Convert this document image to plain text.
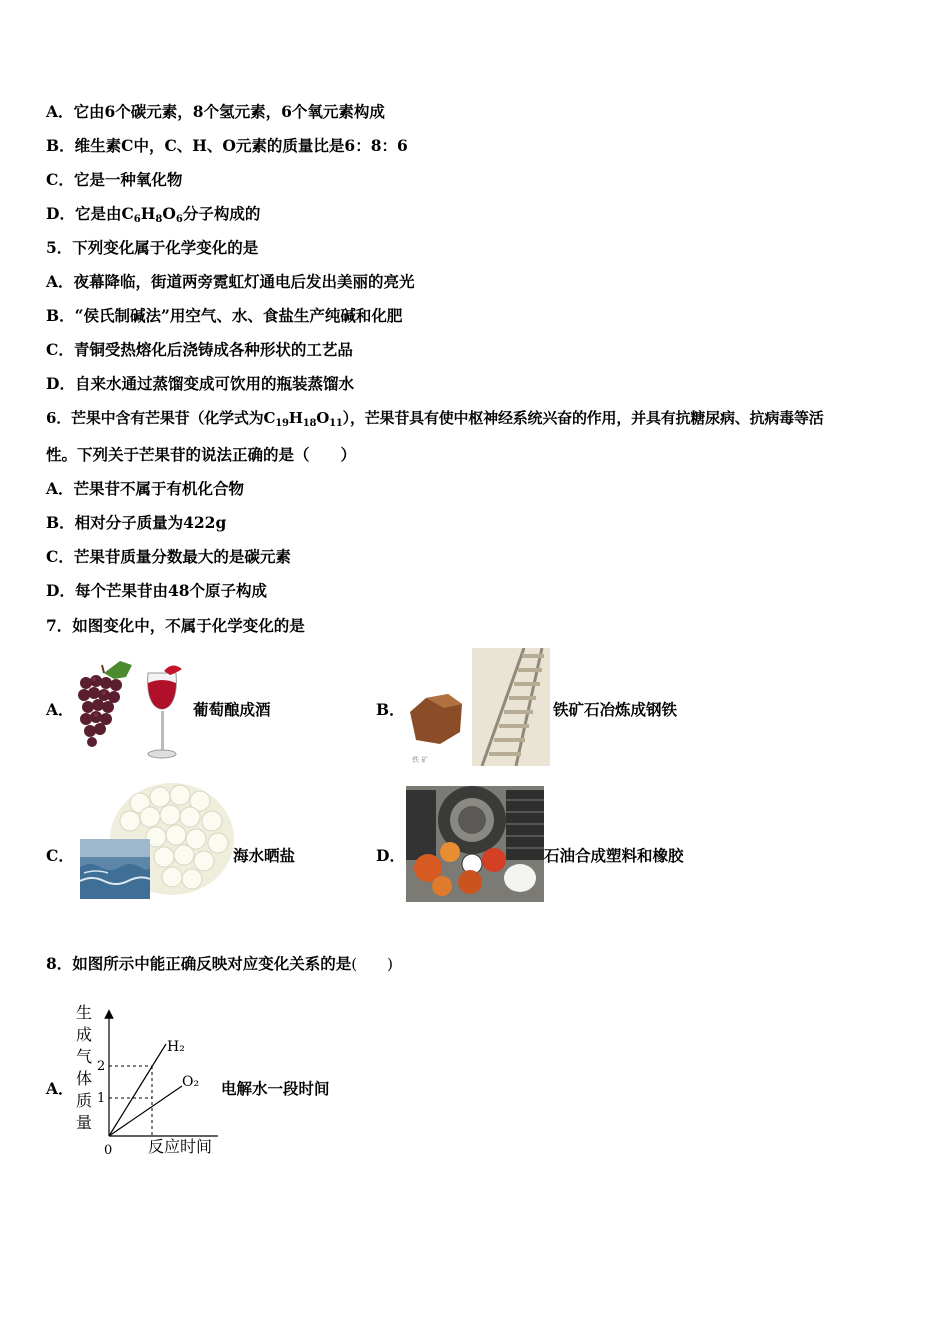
A．它由6个碳元素，8个氢元素，6个氧元素构成
B．维生素C中，C、H、O元素的质量比是6：8：6
C．它是一种氧化物
D．它是由$C_6H_8O_6$分子构成的
5．下列变化属于化学变化的是
A．夜幕降临，街道两旁霓虹灯通电后发出美丽的亮光
B．“侯氏制碱法”用空气、水、食盐生产纯碱和化肥
C．青铜受热熔化后浇铸成各种形状的工艺品
D．自来水通过蒸馏变成可饮用的瓶装蒸馏水
6．芒果中含有芒果苷（化学式为$C_{19}H_{18}O_{11}$），芒果苷具有使中枢神经系统兴奋的作用，并具有抗糖尿病、抗病毒等活
性。下列关于芒果苷的说法正确的是（　　）
A．芒果苷不属于有机化合物
B．相对分子质量为422g
C．芒果苷质量分数最大的是碳元素
D．每个芒果苷由48个原子构成
7．如图变化中，不属于化学变化的是
A．	葡萄酿成酒	B．
铁 矿
铁矿石冶炼成钢铁
C．	海水晒盐	D．	石油合成塑料和橡胶
8．如图所示中能正确反映对应变化关系的是(　　)
A．
生
成
气
体
质
量
2
1
0
H₂
O₂
反应时间
电解水一段时间
